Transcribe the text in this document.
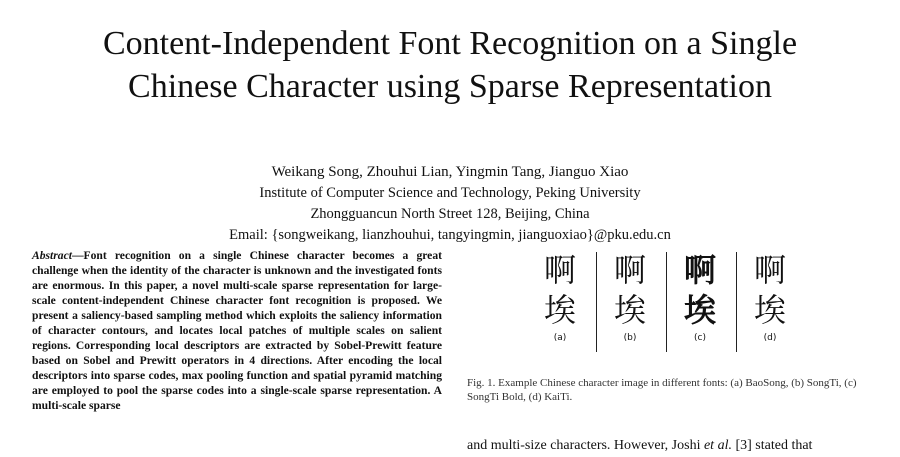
Content-Independent Font Recognition on a Single
Chinese Character using Sparse Representation
Weikang Song, Zhouhui Lian, Yingmin Tang, Jianguo Xiao
Institute of Computer Science and Technology, Peking University
Zhongguancun North Street 128, Beijing, China
Email: {songweikang, lianzhouhui, tangyingmin, jianguoxiao}@pku.edu.cn
Abstract—Font recognition on a single Chinese character becomes a great challenge when the identity of the character is unknown and the investigated fonts are enormous. In this paper, a novel multi-scale sparse representation for large-scale content-independent Chinese character font recognition is proposed. We present a saliency-based sampling method which exploits the saliency information of character contours, and locates local patches of multiple scales on salient regions. Corresponding local descriptors are extracted by Sobel-Prewitt feature based on Sobel and Prewitt operators in 4 directions. After encoding the local descriptors into sparse codes, max pooling function and spatial pyramid matching are employed to pool the sparse codes into a single-scale sparse representation. A multi-scale sparse
啊
埃
(a)
啊
埃
(b)
啊
埃
(c)
啊
埃
(d)
Fig. 1. Example Chinese character image in different fonts: (a) BaoSong, (b) SongTi, (c) SongTi Bold, (d) KaiTi.
and multi-size characters. However, Joshi et al. [3] stated that
